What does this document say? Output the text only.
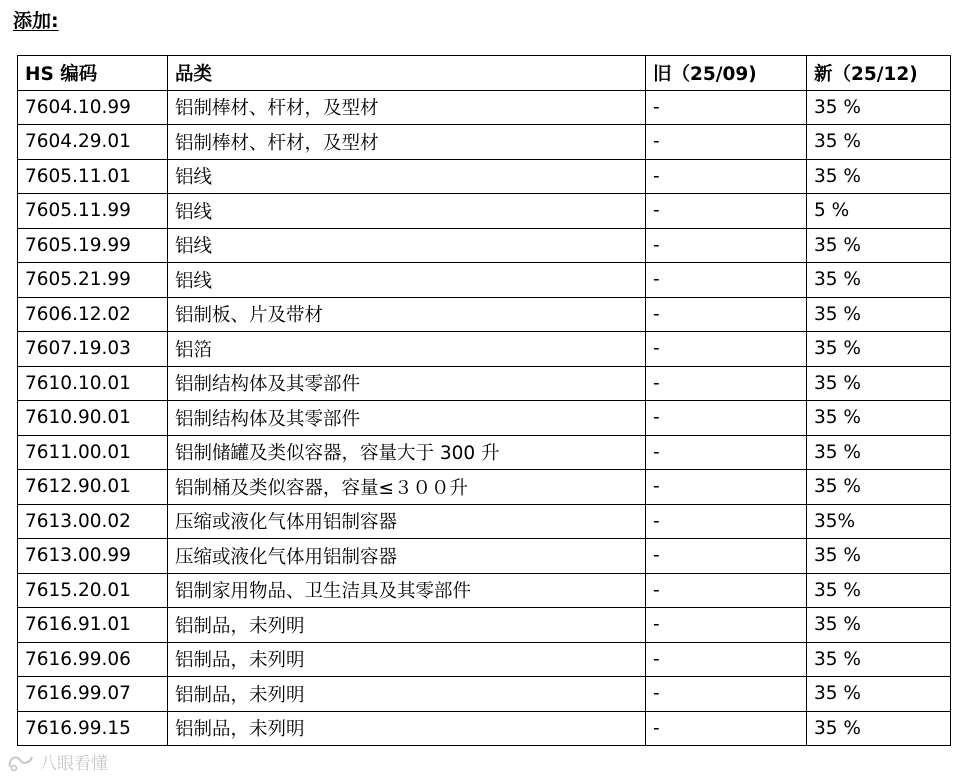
添加:
HS 编码	品类	旧（25/09)	新（25/12)
7604.10.99	铝制棒材、杆材，及型材	-	35 %
7604.29.01	铝制棒材、杆材，及型材	-	35 %
7605.11.01	铝线	-	35 %
7605.11.99	铝线	-	5 %
7605.19.99	铝线	-	35 %
7605.21.99	铝线	-	35 %
7606.12.02	铝制板、片及带材	-	35 %
7607.19.03	铝箔	-	35 %
7610.10.01	铝制结构体及其零部件	-	35 %
7610.90.01	铝制结构体及其零部件	-	35 %
7611.00.01	铝制储罐及类似容器，容量大于 300 升	-	35 %
7612.90.01	铝制桶及类似容器，容量≤３００升	-	35 %
7613.00.02	压缩或液化气体用铝制容器	-	35%
7613.00.99	压缩或液化气体用铝制容器	-	35 %
7615.20.01	铝制家用物品、卫生洁具及其零部件	-	35 %
7616.91.01	铝制品，未列明	-	35 %
7616.99.06	铝制品，未列明	-	35 %
7616.99.07	铝制品，未列明	-	35 %
7616.99.15	铝制品，未列明	-	35 %
八眼看懂
